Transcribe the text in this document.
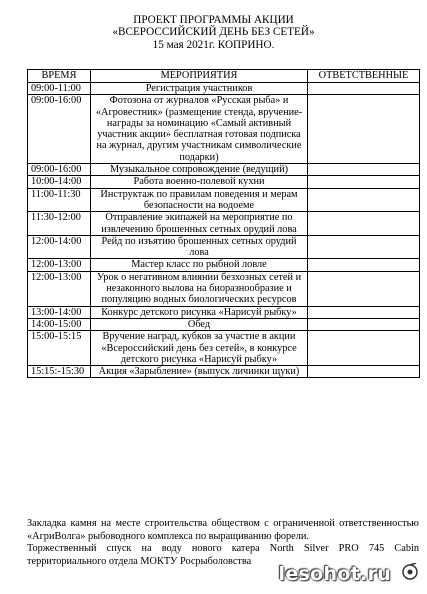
ПРОЕКТ ПРОГРАММЫ АКЦИИ
«ВСЕРОССИЙСКИЙ ДЕНЬ БЕЗ СЕТЕЙ»
15 мая 2021г. КОПРИНО.
ВРЕМЯ	МЕРОПРИЯТИЯ	ОТВЕТСТВЕННЫЕ
09:00-11:00	Регистрация участников	
09:00-16:00	Фотозона от журналов «Русская рыба» и «Агровестник» (размещение стенда, вручение-награды за номинацию «Самый активный участник акции» бесплатная готовая подписка на журнал, другим участникам символические подарки)	
09:00-16:00	Музыкальное сопровождение (ведущий)	
10:00-14:00	Работа военно-полевой кухни	
11:00-11:30	Инструктаж по правилам поведения и мерам безопасности на водоеме	
11:30-12:00	Отправление экипажей на мероприятие по извлечению брошенных сетных орудий лова	
12:00-14:00	Рейд по изъятию брошенных сетных орудий лова	
12:00-13:00	Мастер класс по рыбной ловле	
12:00-13:00	Урок о негативном влиянии безхозных сетей и незаконного вылова на биоразнообразие и популяцию водных биологических ресурсов	
13:00-14:00	Конкурс детского рисунка «Нарисуй рыбку»	
14:00-15:00	Обед	
15:00-15:15	Вручение наград, кубков за участие в акции «Всероссийский день без сетей», в конкурсе детского рисунка «Нарисуй рыбку»	
15:15:-15:30	Акция «Зарыбление» (выпуск личинки щуки)	

Закладка камня на месте строительства обществом с ограниченной ответственностью «АгриВолга» рыбоводного комплекса по выращиванию форели.

Торжественный спуск на воду нового катера North Silver PRO 745 Cabin территориального отдела МОКТУ Росрыболовства

lesohot.ru
